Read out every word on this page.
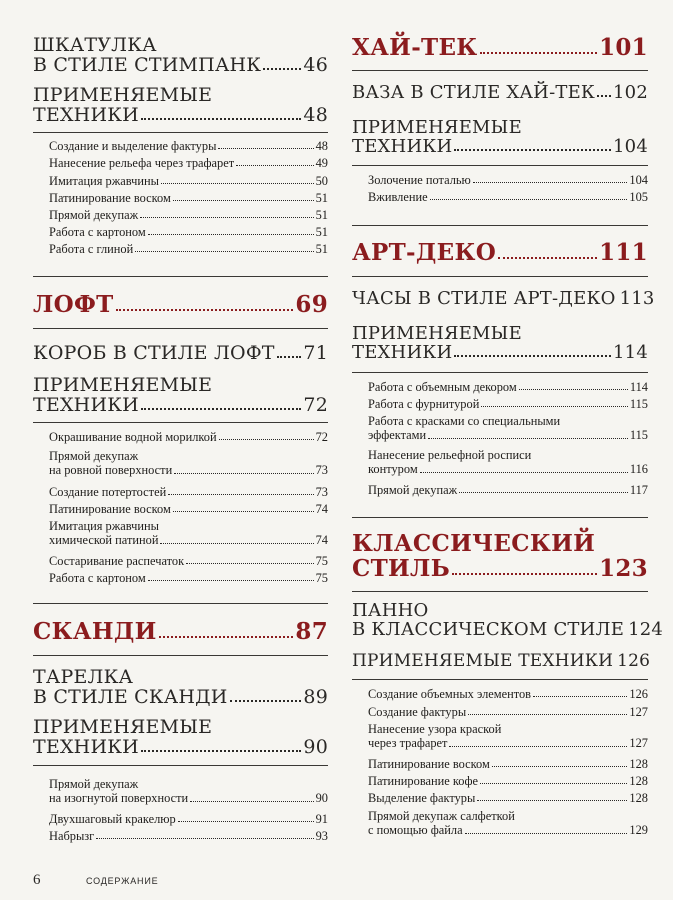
ШКАТУЛКА
В СТИЛЕ СТИМПАНК 46
ПРИМЕНЯЕМЫЕ
ТЕХНИКИ	48
Создание и выделение фактуры	48
Нанесение рельефа через трафарет	49
Имитация ржавчины	50
Патинирование воском	51
Прямой декупаж	51
Работа с картоном	51
Работа с глиной	51
ЛОФТ	69
КОРОБ В СТИЛЕ ЛОФТ 71
ПРИМЕНЯЕМЫЕ
ТЕХНИКИ	72
Окрашивание водной морилкой	72
Прямой декупаж
на ровной поверхности	73
Создание потертостей	73
Патинирование воском	74
Имитация ржавчины
химической патиной	74
Состаривание распечаток	75
Работа с картоном	75
СКАНДИ	87
ТАРЕЛКА
В СТИЛЕ СКАНДИ	89
ПРИМЕНЯЕМЫЕ
ТЕХНИКИ	90
Прямой декупаж
на изогнутой поверхности	90
Двухшаговый кракелюр	91
Набрызг	93
ХАЙ-ТЕК	101
ВАЗА В СТИЛЕ ХАЙ-ТЕК 102
ПРИМЕНЯЕМЫЕ
ТЕХНИКИ	104
Золочение поталью	104
Вживление	105
АРТ-ДЕКО	111
ЧАСЫ В СТИЛЕ АРТ-ДЕКО 113
ПРИМЕНЯЕМЫЕ
ТЕХНИКИ	114
Работа с объемным декором	114
Работа с фурнитурой	115
Работа с красками со специальными
эффектами	115
Нанесение рельефной росписи
контуром	116
Прямой декупаж	117
КЛАССИЧЕСКИЙ
СТИЛЬ	123
ПАННО
В КЛАССИЧЕСКОМ СТИЛЕ 124
ПРИМЕНЯЕМЫЕ ТЕХНИКИ 126
Создание объемных элементов	126
Создание фактуры	127
Нанесение узора краской
через трафарет	127
Патинирование воском	128
Патинирование кофе	128
Выделение фактуры	128
Прямой декупаж салфеткой
с помощью файла	129
6	СОДЕРЖАНИЕ
